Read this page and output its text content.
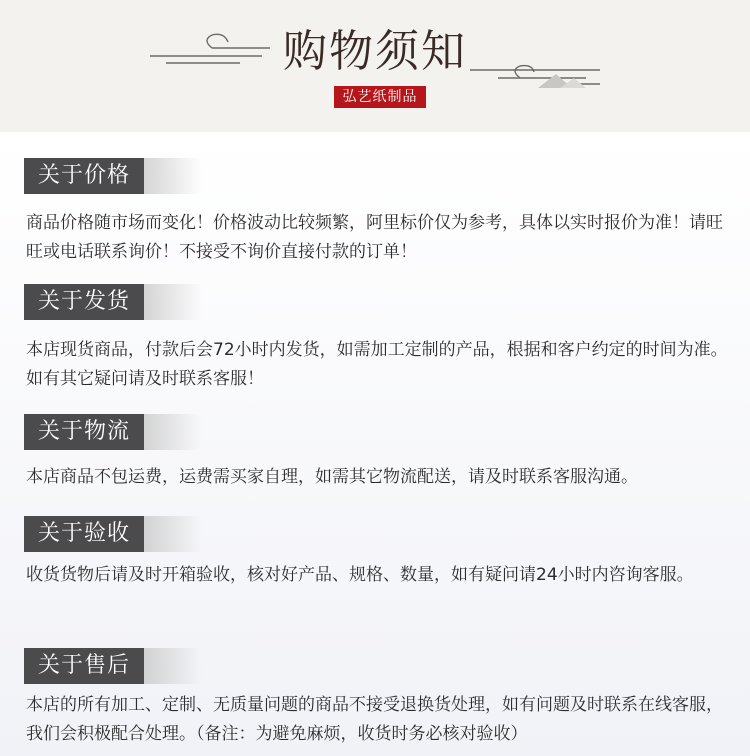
购物须知
弘艺纸制品
关于价格
商品价格随市场而变化！价格波动比较频繁，阿里标价仅为参考，具体以实时报价为准！请旺旺或电话联系询价！不接受不询价直接付款的订单！
关于发货
本店现货商品，付款后会72小时内发货，如需加工定制的产品，根据和客户约定的时间为准。如有其它疑问请及时联系客服！
关于物流
本店商品不包运费，运费需买家自理，如需其它物流配送，请及时联系客服沟通。
关于验收
收货货物后请及时开箱验收，核对好产品、规格、数量，如有疑问请24小时内咨询客服。
关于售后
本店的所有加工、定制、无质量问题的商品不接受退换货处理，如有问题及时联系在线客服，我们会积极配合处理。（备注：为避免麻烦，收货时务必核对验收）
